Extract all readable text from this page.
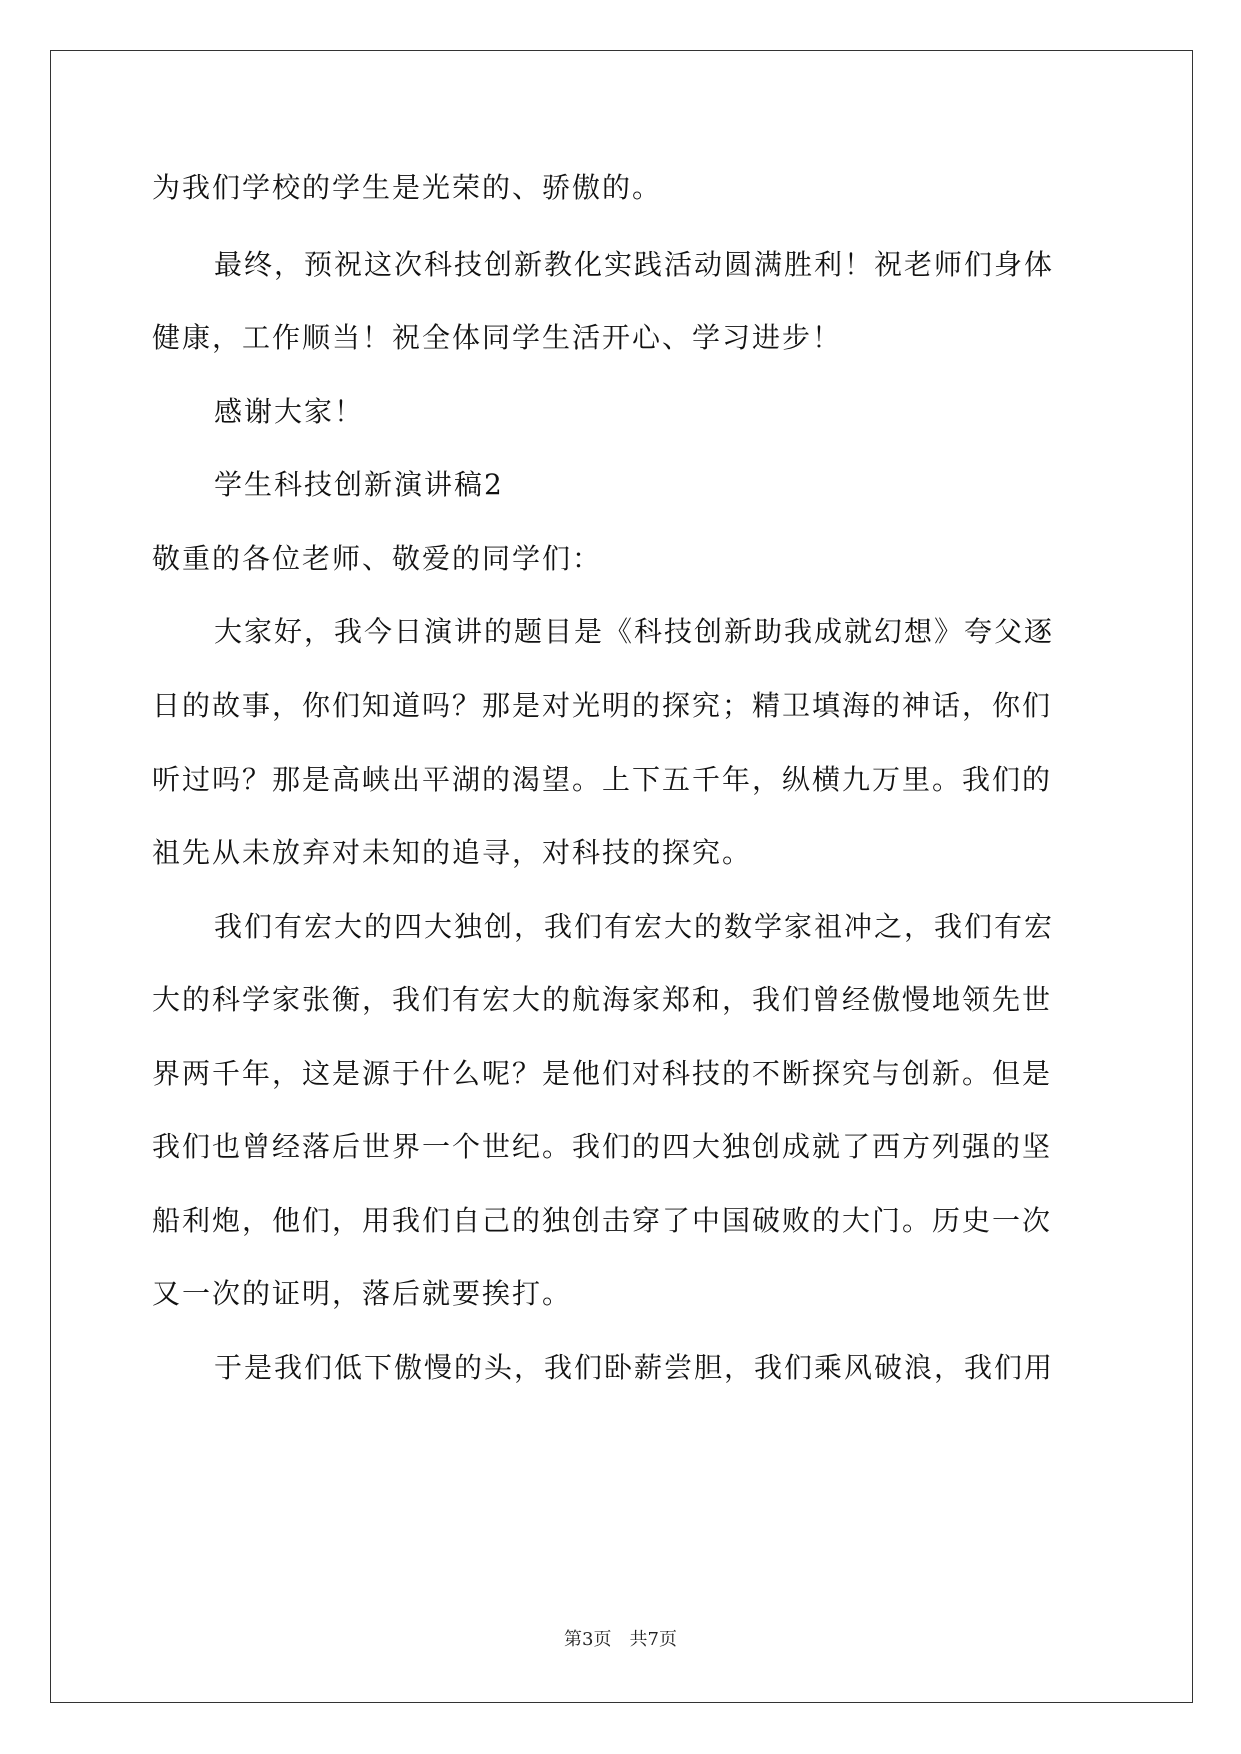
为我们学校的学生是光荣的、骄傲的。
最终，预祝这次科技创新教化实践活动圆满胜利！祝老师们身体
健康，工作顺当！祝全体同学生活开心、学习进步！
感谢大家！
学生科技创新演讲稿2
敬重的各位老师、敬爱的同学们：
大家好，我今日演讲的题目是《科技创新助我成就幻想》夸父逐
日的故事，你们知道吗？那是对光明的探究；精卫填海的神话，你们
听过吗？那是高峡出平湖的渴望。上下五千年，纵横九万里。我们的
祖先从未放弃对未知的追寻，对科技的探究。
我们有宏大的四大独创，我们有宏大的数学家祖冲之，我们有宏
大的科学家张衡，我们有宏大的航海家郑和，我们曾经傲慢地领先世
界两千年，这是源于什么呢？是他们对科技的不断探究与创新。但是
我们也曾经落后世界一个世纪。我们的四大独创成就了西方列强的坚
船利炮，他们，用我们自己的独创击穿了中国破败的大门。历史一次
又一次的证明，落后就要挨打。
于是我们低下傲慢的头，我们卧薪尝胆，我们乘风破浪，我们用
第3页 共7页
